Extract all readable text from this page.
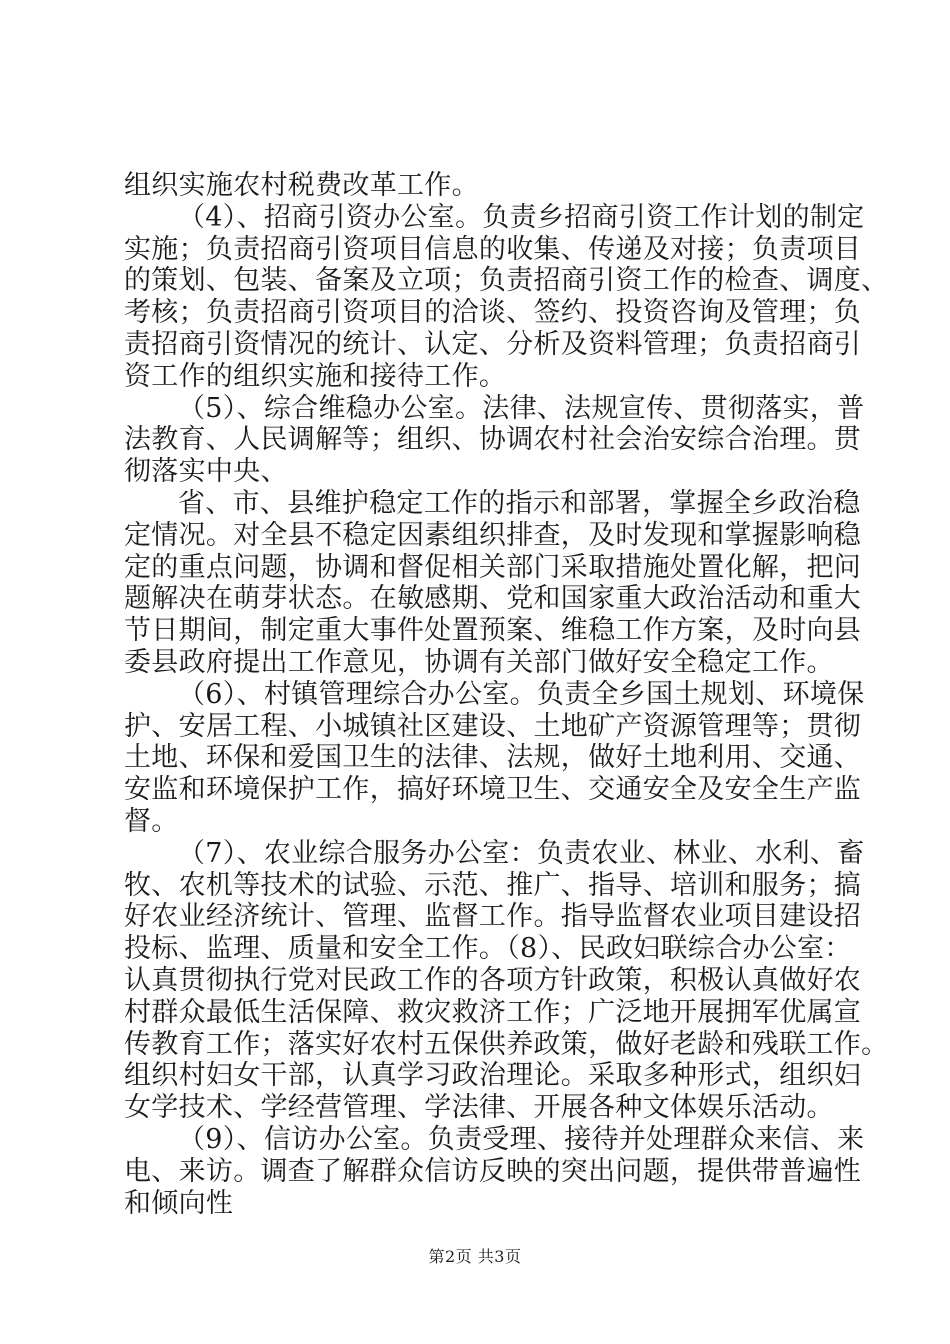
组织实施农村税费改革工作。
（4）、招商引资办公室。负责乡招商引资工作计划的制定
实施；负责招商引资项目信息的收集、传递及对接；负责项目
的策划、包装、备案及立项；负责招商引资工作的检查、调度、
考核；负责招商引资项目的洽谈、签约、投资咨询及管理；负
责招商引资情况的统计、认定、分析及资料管理；负责招商引
资工作的组织实施和接待工作。
（5）、综合维稳办公室。法律、法规宣传、贯彻落实，普
法教育、人民调解等；组织、协调农村社会治安综合治理。贯
彻落实中央、
省、市、县维护稳定工作的指示和部署，掌握全乡政治稳
定情况。对全县不稳定因素组织排查，及时发现和掌握影响稳
定的重点问题，协调和督促相关部门采取措施处置化解，把问
题解决在萌芽状态。在敏感期、党和国家重大政治活动和重大
节日期间，制定重大事件处置预案、维稳工作方案，及时向县
委县政府提出工作意见，协调有关部门做好安全稳定工作。
（6）、村镇管理综合办公室。负责全乡国土规划、环境保
护、安居工程、小城镇社区建设、土地矿产资源管理等；贯彻
土地、环保和爱国卫生的法律、法规，做好土地利用、交通、
安监和环境保护工作，搞好环境卫生、交通安全及安全生产监
督。
（7）、农业综合服务办公室：负责农业、林业、水利、畜
牧、农机等技术的试验、示范、推广、指导、培训和服务；搞
好农业经济统计、管理、监督工作。指导监督农业项目建设招
投标、监理、质量和安全工作。（8）、民政妇联综合办公室：
认真贯彻执行党对民政工作的各项方针政策，积极认真做好农
村群众最低生活保障、救灾救济工作；广泛地开展拥军优属宣
传教育工作；落实好农村五保供养政策，做好老龄和残联工作。
组织村妇女干部，认真学习政治理论。采取多种形式，组织妇
女学技术、学经营管理、学法律、开展各种文体娱乐活动。
（9）、信访办公室。负责受理、接待并处理群众来信、来
电、来访。调查了解群众信访反映的突出问题，提供带普遍性
和倾向性
第2页 共3页
